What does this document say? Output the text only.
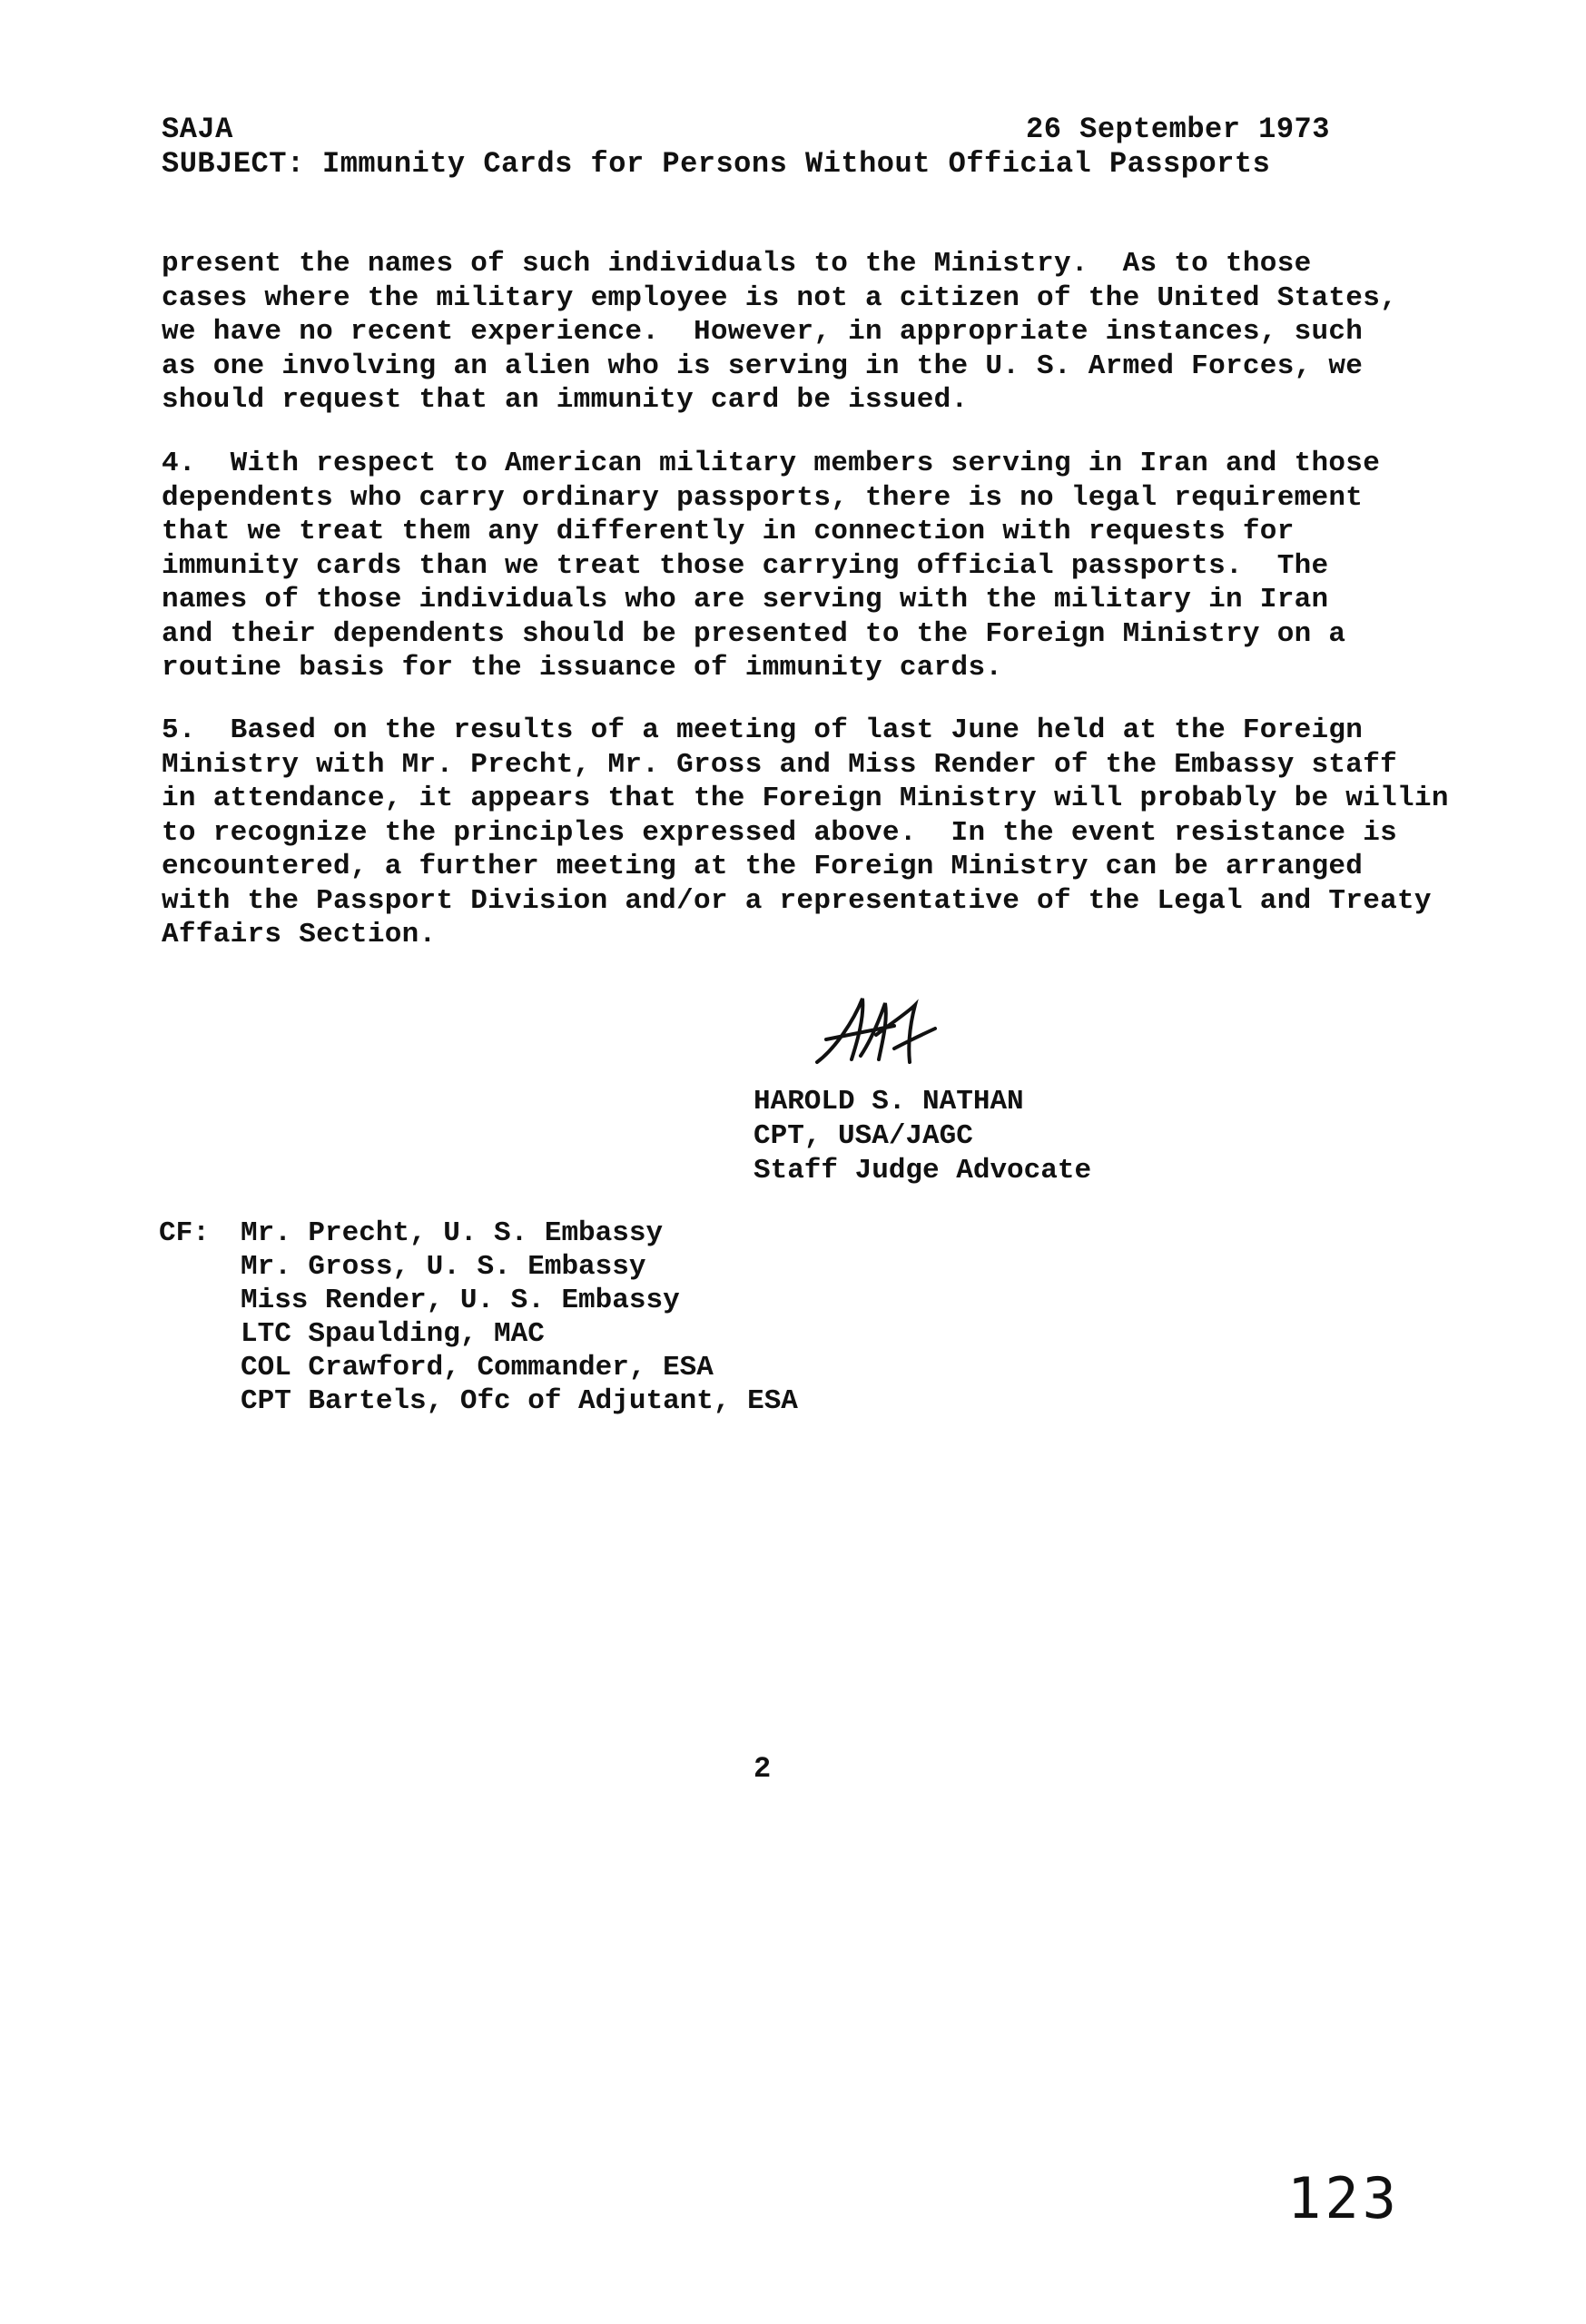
SAJA	26 September 1973
SUBJECT: Immunity Cards for Persons Without Official Passports
present the names of such individuals to the Ministry.  As to those
cases where the military employee is not a citizen of the United States,
we have no recent experience.  However, in appropriate instances, such
as one involving an alien who is serving in the U. S. Armed Forces, we
should request that an immunity card be issued.
4.  With respect to American military members serving in Iran and those
dependents who carry ordinary passports, there is no legal requirement
that we treat them any differently in connection with requests for
immunity cards than we treat those carrying official passports.  The
names of those individuals who are serving with the military in Iran
and their dependents should be presented to the Foreign Ministry on a
routine basis for the issuance of immunity cards.
5.  Based on the results of a meeting of last June held at the Foreign
Ministry with Mr. Precht, Mr. Gross and Miss Render of the Embassy staff
in attendance, it appears that the Foreign Ministry will probably be willin
to recognize the principles expressed above.  In the event resistance is
encountered, a further meeting at the Foreign Ministry can be arranged
with the Passport Division and/or a representative of the Legal and Treaty
Affairs Section.
HAROLD S. NATHAN
CPT, USA/JAGC
Staff Judge Advocate
CF:	Mr. Precht, U. S. Embassy
Mr. Gross, U. S. Embassy
Miss Render, U. S. Embassy
LTC Spaulding, MAC
COL Crawford, Commander, ESA
CPT Bartels, Ofc of Adjutant, ESA
2
123
